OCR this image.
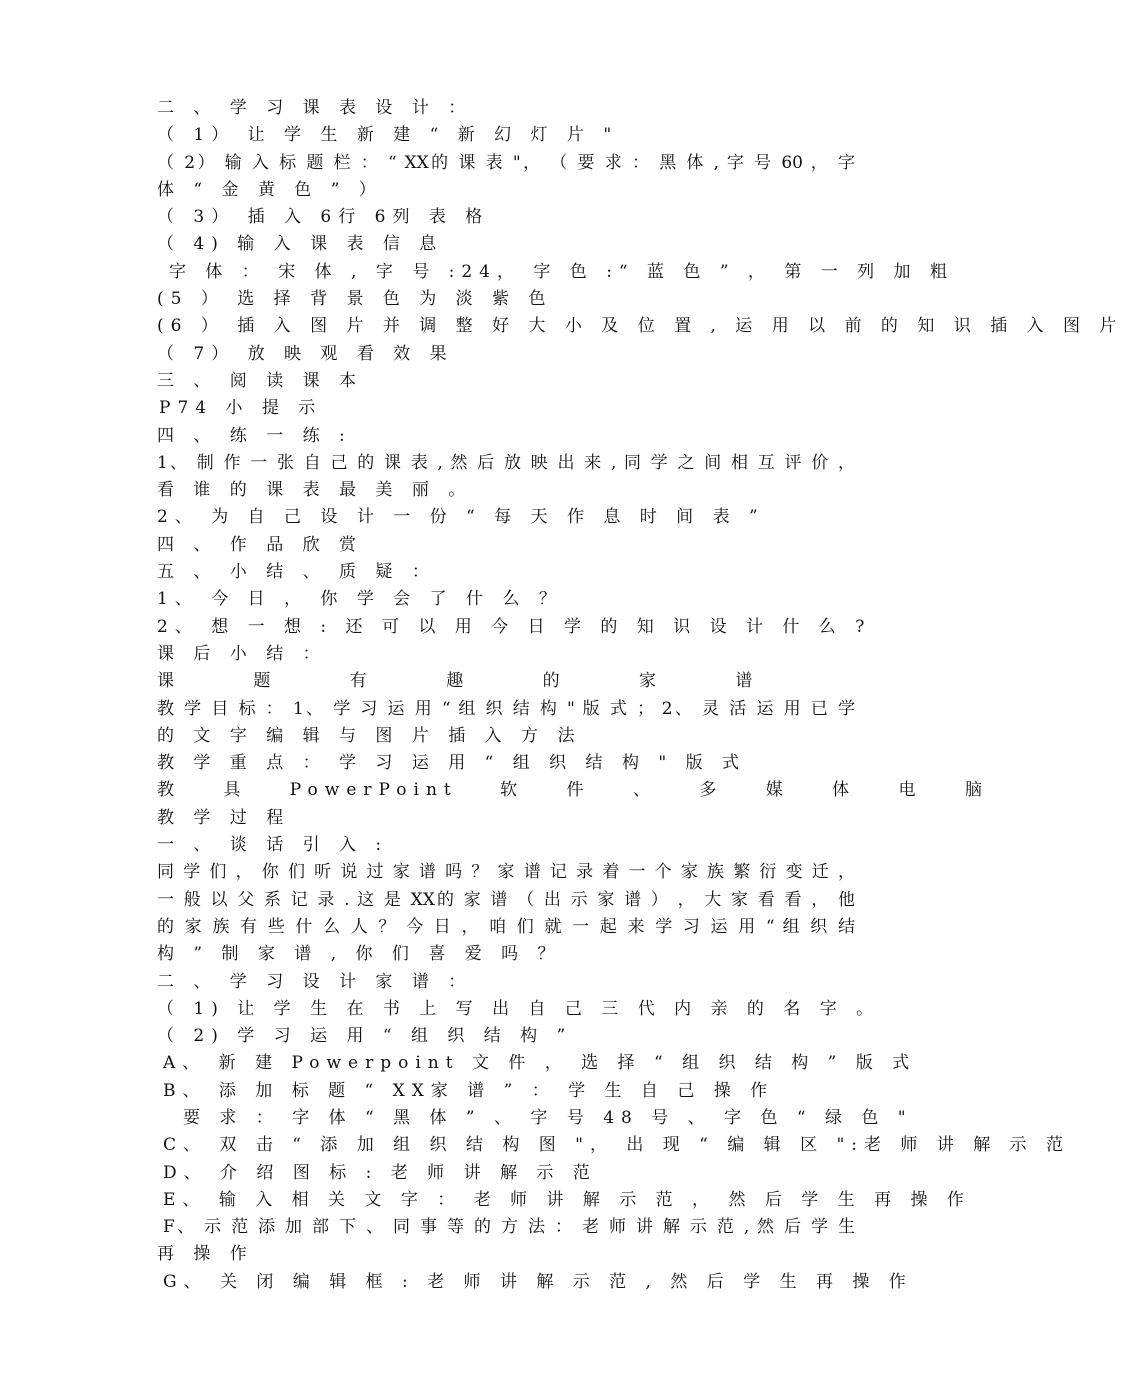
二 、 学 习 课 表 设 计 ：
（ 1） 让 学 生 新 建 “ 新 幻 灯 片 "
（ 2） 输 入 标 题 栏 ： “ XX的 课 表 "， （ 要 求 ： 黑 体 , 字 号 60 ， 字
体 “ 金 黄 色 ” ）
（ 3） 插 入 6行 6列 表 格
（ 4) 输 入 课 表 信 息
字 体 ： 宋 体 , 字 号 :24， 字 色 :“ 蓝 色 ” ， 第 一 列 加 粗
(5 ） 选 择 背 景 色 为 淡 紫 色
(6 ） 插 入 图 片 并 调 整 好 大 小 及 位 置 , 运 用 以 前 的 知 识 插 入 图 片
（ 7） 放 映 观 看 效 果
三 、 阅 读 课 本
P74 小 提 示
四 、 练 一 练 :
1、 制 作 一 张 自 己 的 课 表 , 然 后 放 映 出 来 , 同 学 之 间 相 互 评 价 ，
看 谁 的 课 表 最 美 丽 。
2、 为 自 己 设 计 一 份 “ 每 天 作 息 时 间 表 ”
四 、 作 品 欣 赏
五 、 小 结 、 质 疑 ：
1、 今 日 ， 你 学 会 了 什 么 ？
2、 想 一 想 : 还 可 以 用 今 日 学 的 知 识 设 计 什 么 ?
课 后 小 结 ：
课 题 有 趣 的 家 谱
教 学 目 标 ： 1、 学 习 运 用 “ 组 织 结 构 " 版 式 ； 2、 灵 活 运 用 已 学
的 文 字 编 辑 与 图 片 插 入 方 法
教 学 重 点 ： 学 习 运 用 “ 组 织 结 构 " 版 式
教 具 PowerPoint 软 件 、 多 媒 体 电 脑
教 学 过 程
一 、 谈 话 引 入 :
同 学 们 ， 你 们 听 说 过 家 谱 吗 ？ 家 谱 记 录 着 一 个 家 族 繁 衍 变 迁 ，
一 般 以 父 系 记 录 . 这 是 XX的 家 谱 （ 出 示 家 谱 ） ， 大 家 看 看 ， 他
的 家 族 有 些 什 么 人 ？ 今 日 ， 咱 们 就 一 起 来 学 习 运 用 “ 组 织 结
构 ” 制 家 谱 , 你 们 喜 爱 吗 ？
二 、 学 习 设 计 家 谱 ：
（ 1) 让 学 生 在 书 上 写 出 自 己 三 代 内 亲 的 名 字 。
（ 2) 学 习 运 用 “ 组 织 结 构 ”
A、 新 建 Powerpoint 文 件 ， 选 择 “ 组 织 结 构 ” 版 式
B、 添 加 标 题 “ XX家 谱 ” ： 学 生 自 己 操 作
要 求 ： 字 体 “ 黑 体 ” 、 字 号 48 号 、 字 色 “ 绿 色 "
C、 双 击 “ 添 加 组 织 结 构 图 "， 出 现 “ 编 辑 区 ":老 师 讲 解 示 范
D、 介 绍 图 标 : 老 师 讲 解 示 范
E、 输 入 相 关 文 字 ： 老 师 讲 解 示 范 ， 然 后 学 生 再 操 作
F、 示 范 添 加 部 下 、 同 事 等 的 方 法 ： 老 师 讲 解 示 范 , 然 后 学 生
再 操 作
G、 关 闭 编 辑 框 : 老 师 讲 解 示 范 , 然 后 学 生 再 操 作
